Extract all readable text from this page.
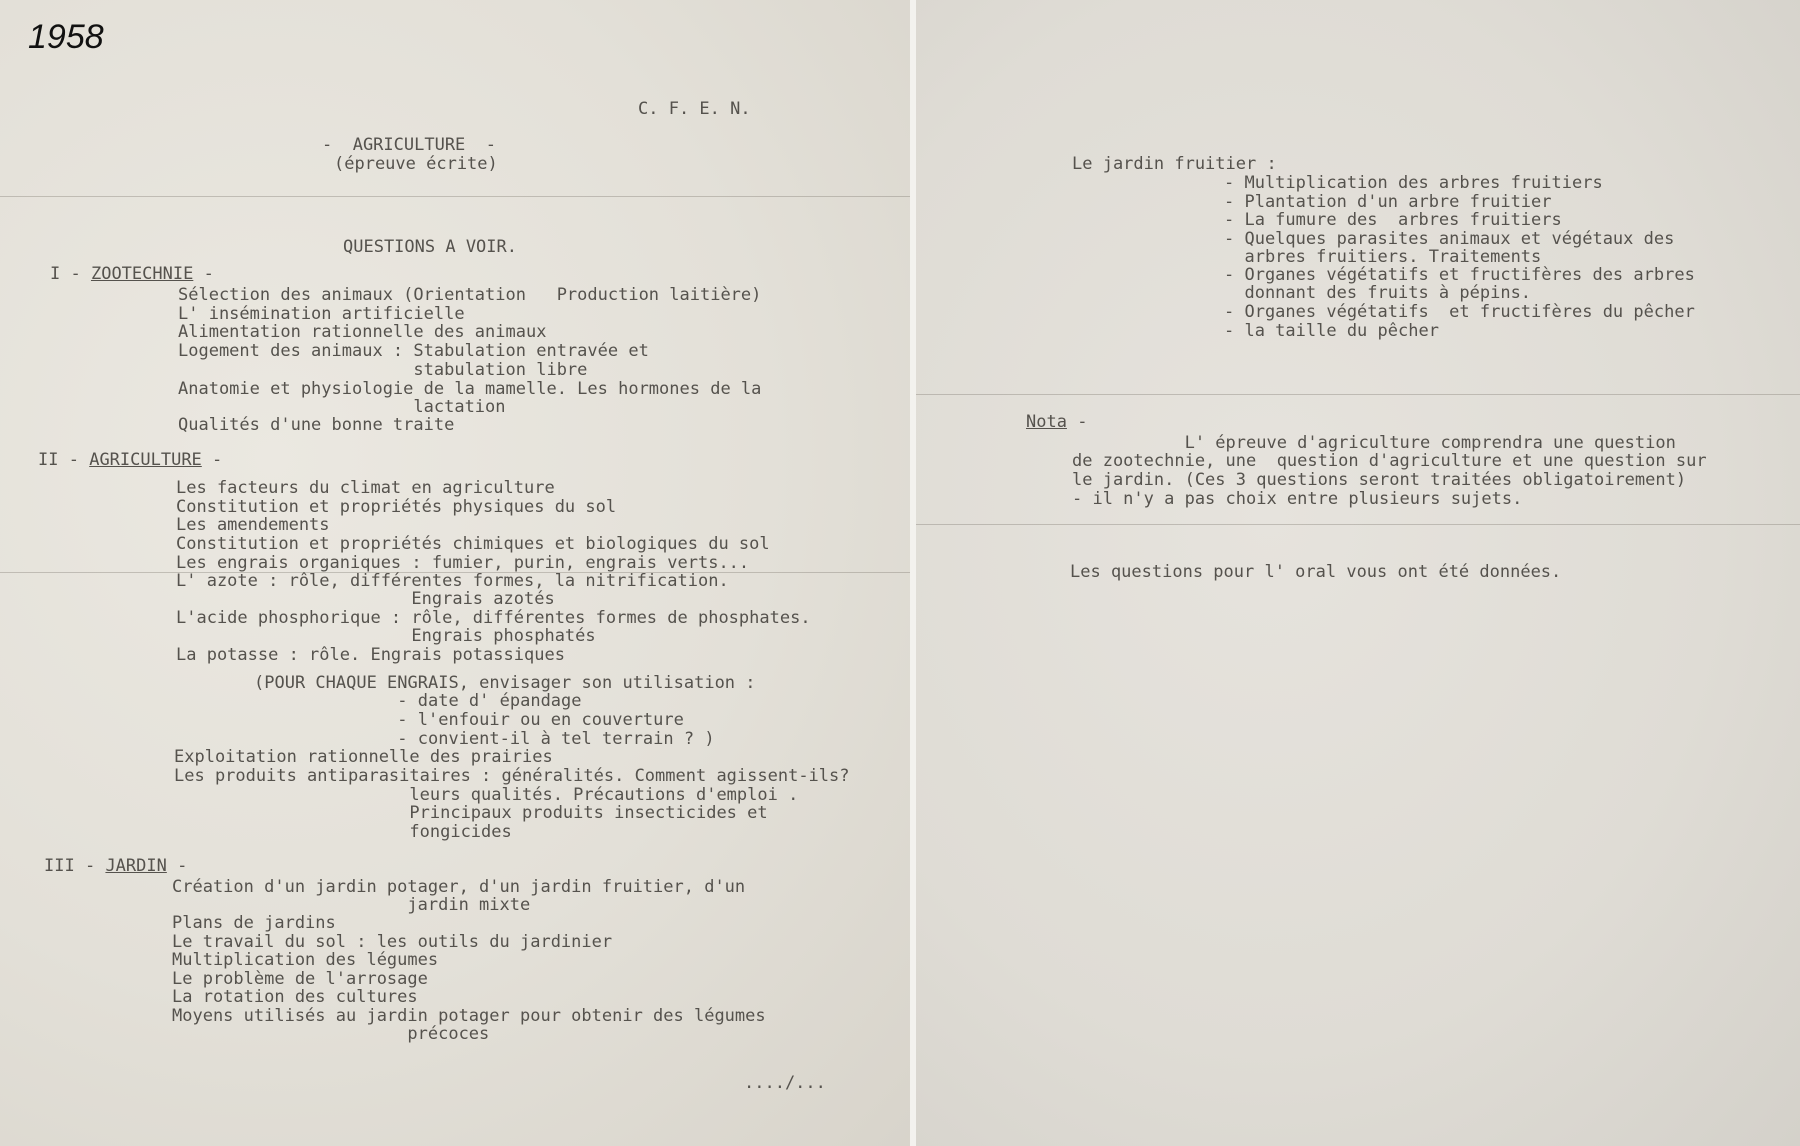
1958
C. F. E. N.
-  AGRICULTURE  -
(épreuve écrite)
QUESTIONS A VOIR.
I - ZOOTECHNIE -
Sélection des animaux (Orientation   Production laitière)
L' insémination artificielle
Alimentation rationnelle des animaux
Logement des animaux : Stabulation entravée et
stabulation libre
Anatomie et physiologie de la mamelle. Les hormones de la
lactation
Qualités d'une bonne traite
II - AGRICULTURE -
Les facteurs du climat en agriculture
Constitution et propriétés physiques du sol
Les amendements
Constitution et propriétés chimiques et biologiques du sol
Les engrais organiques : fumier, purin, engrais verts...
L' azote : rôle, différentes formes, la nitrification.
Engrais azotés
L'acide phosphorique : rôle, différentes formes de phosphates.
Engrais phosphatés
La potasse : rôle. Engrais potassiques
(POUR CHAQUE ENGRAIS, envisager son utilisation :
- date d' épandage
- l'enfouir ou en couverture
- convient-il à tel terrain ? )
Exploitation rationnelle des prairies
Les produits antiparasitaires : généralités. Comment agissent-ils?
leurs qualités. Précautions d'emploi .
Principaux produits insecticides et
fongicides
III - JARDIN -
Création d'un jardin potager, d'un jardin fruitier, d'un
jardin mixte
Plans de jardins
Le travail du sol : les outils du jardinier
Multiplication des légumes
Le problème de l'arrosage
La rotation des cultures
Moyens utilisés au jardin potager pour obtenir des légumes
précoces
..../...
Le jardin fruitier :
- Multiplication des arbres fruitiers
- Plantation d'un arbre fruitier
- La fumure des  arbres fruitiers
- Quelques parasites animaux et végétaux des
arbres fruitiers. Traitements
- Organes végétatifs et fructifères des arbres
donnant des fruits à pépins.
- Organes végétatifs  et fructifères du pêcher
- la taille du pêcher
Nota -
L' épreuve d'agriculture comprendra une question
de zootechnie, une  question d'agriculture et une question sur
le jardin. (Ces 3 questions seront traitées obligatoirement)
- il n'y a pas choix entre plusieurs sujets.
Les questions pour l' oral vous ont été données.
